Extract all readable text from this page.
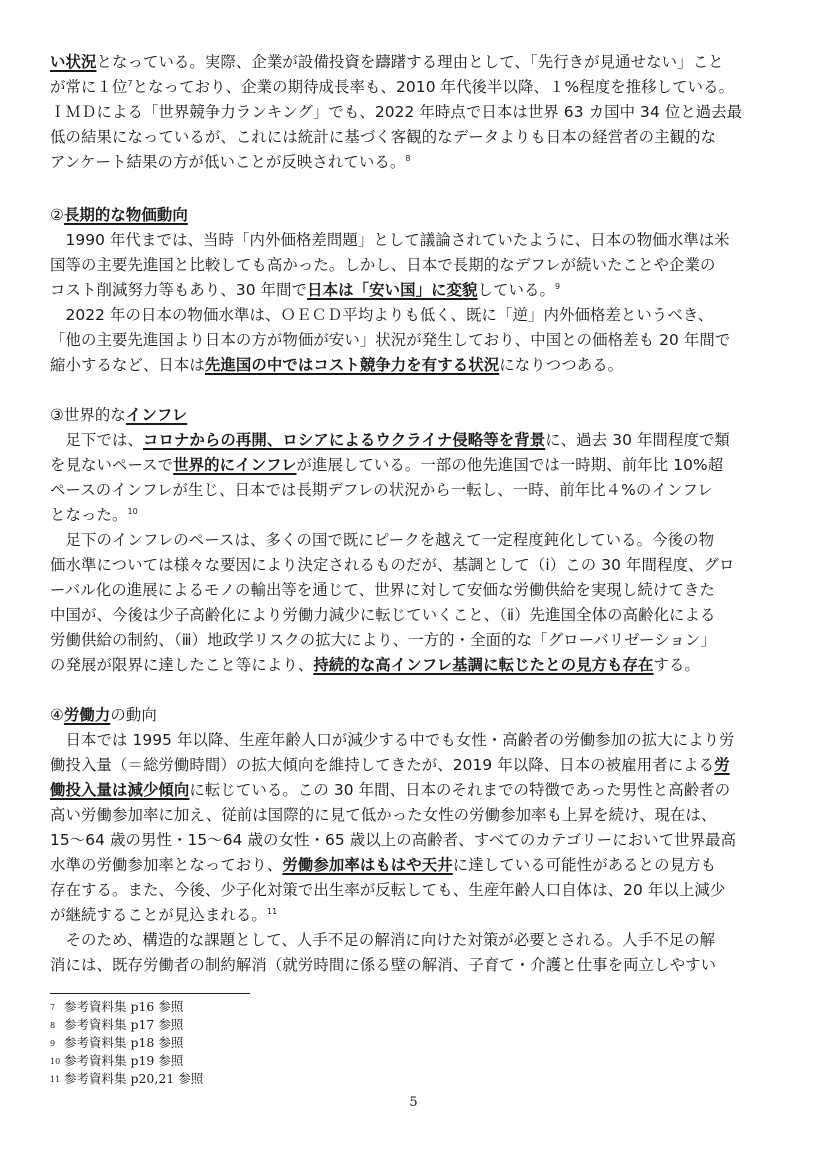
い状況となっている。実際、企業が設備投資を躊躇する理由として、「先行きが見通せない」こと
が常に１位$^7$となっており、企業の期待成長率も、2010 年代後半以降、１%程度を推移している。
ＩＭＤによる「世界競争力ランキング」でも、2022 年時点で日本は世界 63 カ国中 34 位と過去最
低の結果になっているが、これには統計に基づく客観的なデータよりも日本の経営者の主観的な
アンケート結果の方が低いことが反映されている。$^8$
②長期的な物価動向
　1990 年代までは、当時「内外価格差問題」として議論されていたように、日本の物価水準は米
国等の主要先進国と比較しても高かった。しかし、日本で長期的なデフレが続いたことや企業の
コスト削減努力等もあり、30 年間で日本は「安い国」に変貌している。$^9$
　2022 年の日本の物価水準は、ＯＥＣＤ平均よりも低く、既に「逆」内外価格差というべき、
「他の主要先進国より日本の方が物価が安い」状況が発生しており、中国との価格差も 20 年間で
縮小するなど、日本は先進国の中ではコスト競争力を有する状況になりつつある。
③世界的なインフレ
　足下では、コロナからの再開、ロシアによるウクライナ侵略等を背景に、過去 30 年間程度で類
を見ないペースで世界的にインフレが進展している。一部の他先進国では一時期、前年比 10%超
ペースのインフレが生じ、日本では長期デフレの状況から一転し、一時、前年比４%のインフレ
となった。$^{10}$
　足下のインフレのペースは、多くの国で既にピークを越えて一定程度鈍化している。今後の物
価水準については様々な要因により決定されるものだが、基調として（ⅰ）この 30 年間程度、グロ
ーバル化の進展によるモノの輸出等を通じて、世界に対して安価な労働供給を実現し続けてきた
中国が、今後は少子高齢化により労働力減少に転じていくこと、（ⅱ）先進国全体の高齢化による
労働供給の制約、（ⅲ）地政学リスクの拡大により、一方的・全面的な「グローバリゼーション」
の発展が限界に達したこと等により、持続的な高インフレ基調に転じたとの見方も存在する。
④労働力の動向
　日本では 1995 年以降、生産年齢人口が減少する中でも女性・高齢者の労働参加の拡大により労
働投入量（＝総労働時間）の拡大傾向を維持してきたが、2019 年以降、日本の被雇用者による労
働投入量は減少傾向に転じている。この 30 年間、日本のそれまでの特徴であった男性と高齢者の
高い労働参加率に加え、従前は国際的に見て低かった女性の労働参加率も上昇を続け、現在は、
15～64 歳の男性・15～64 歳の女性・65 歳以上の高齢者、すべてのカテゴリーにおいて世界最高
水準の労働参加率となっており、労働参加率はもはや天井に達している可能性があるとの見方も
存在する。また、今後、少子化対策で出生率が反転しても、生産年齢人口自体は、20 年以上減少
が継続することが見込まれる。$^{11}$
　そのため、構造的な課題として、人手不足の解消に向けた対策が必要とされる。人手不足の解
消には、既存労働者の制約解消（就労時間に係る壁の解消、子育て・介護と仕事を両立しやすい
7 参考資料集 p16 参照
8 参考資料集 p17 参照
9 参考資料集 p18 参照
10 参考資料集 p19 参照
11 参考資料集 p20,21 参照
5
